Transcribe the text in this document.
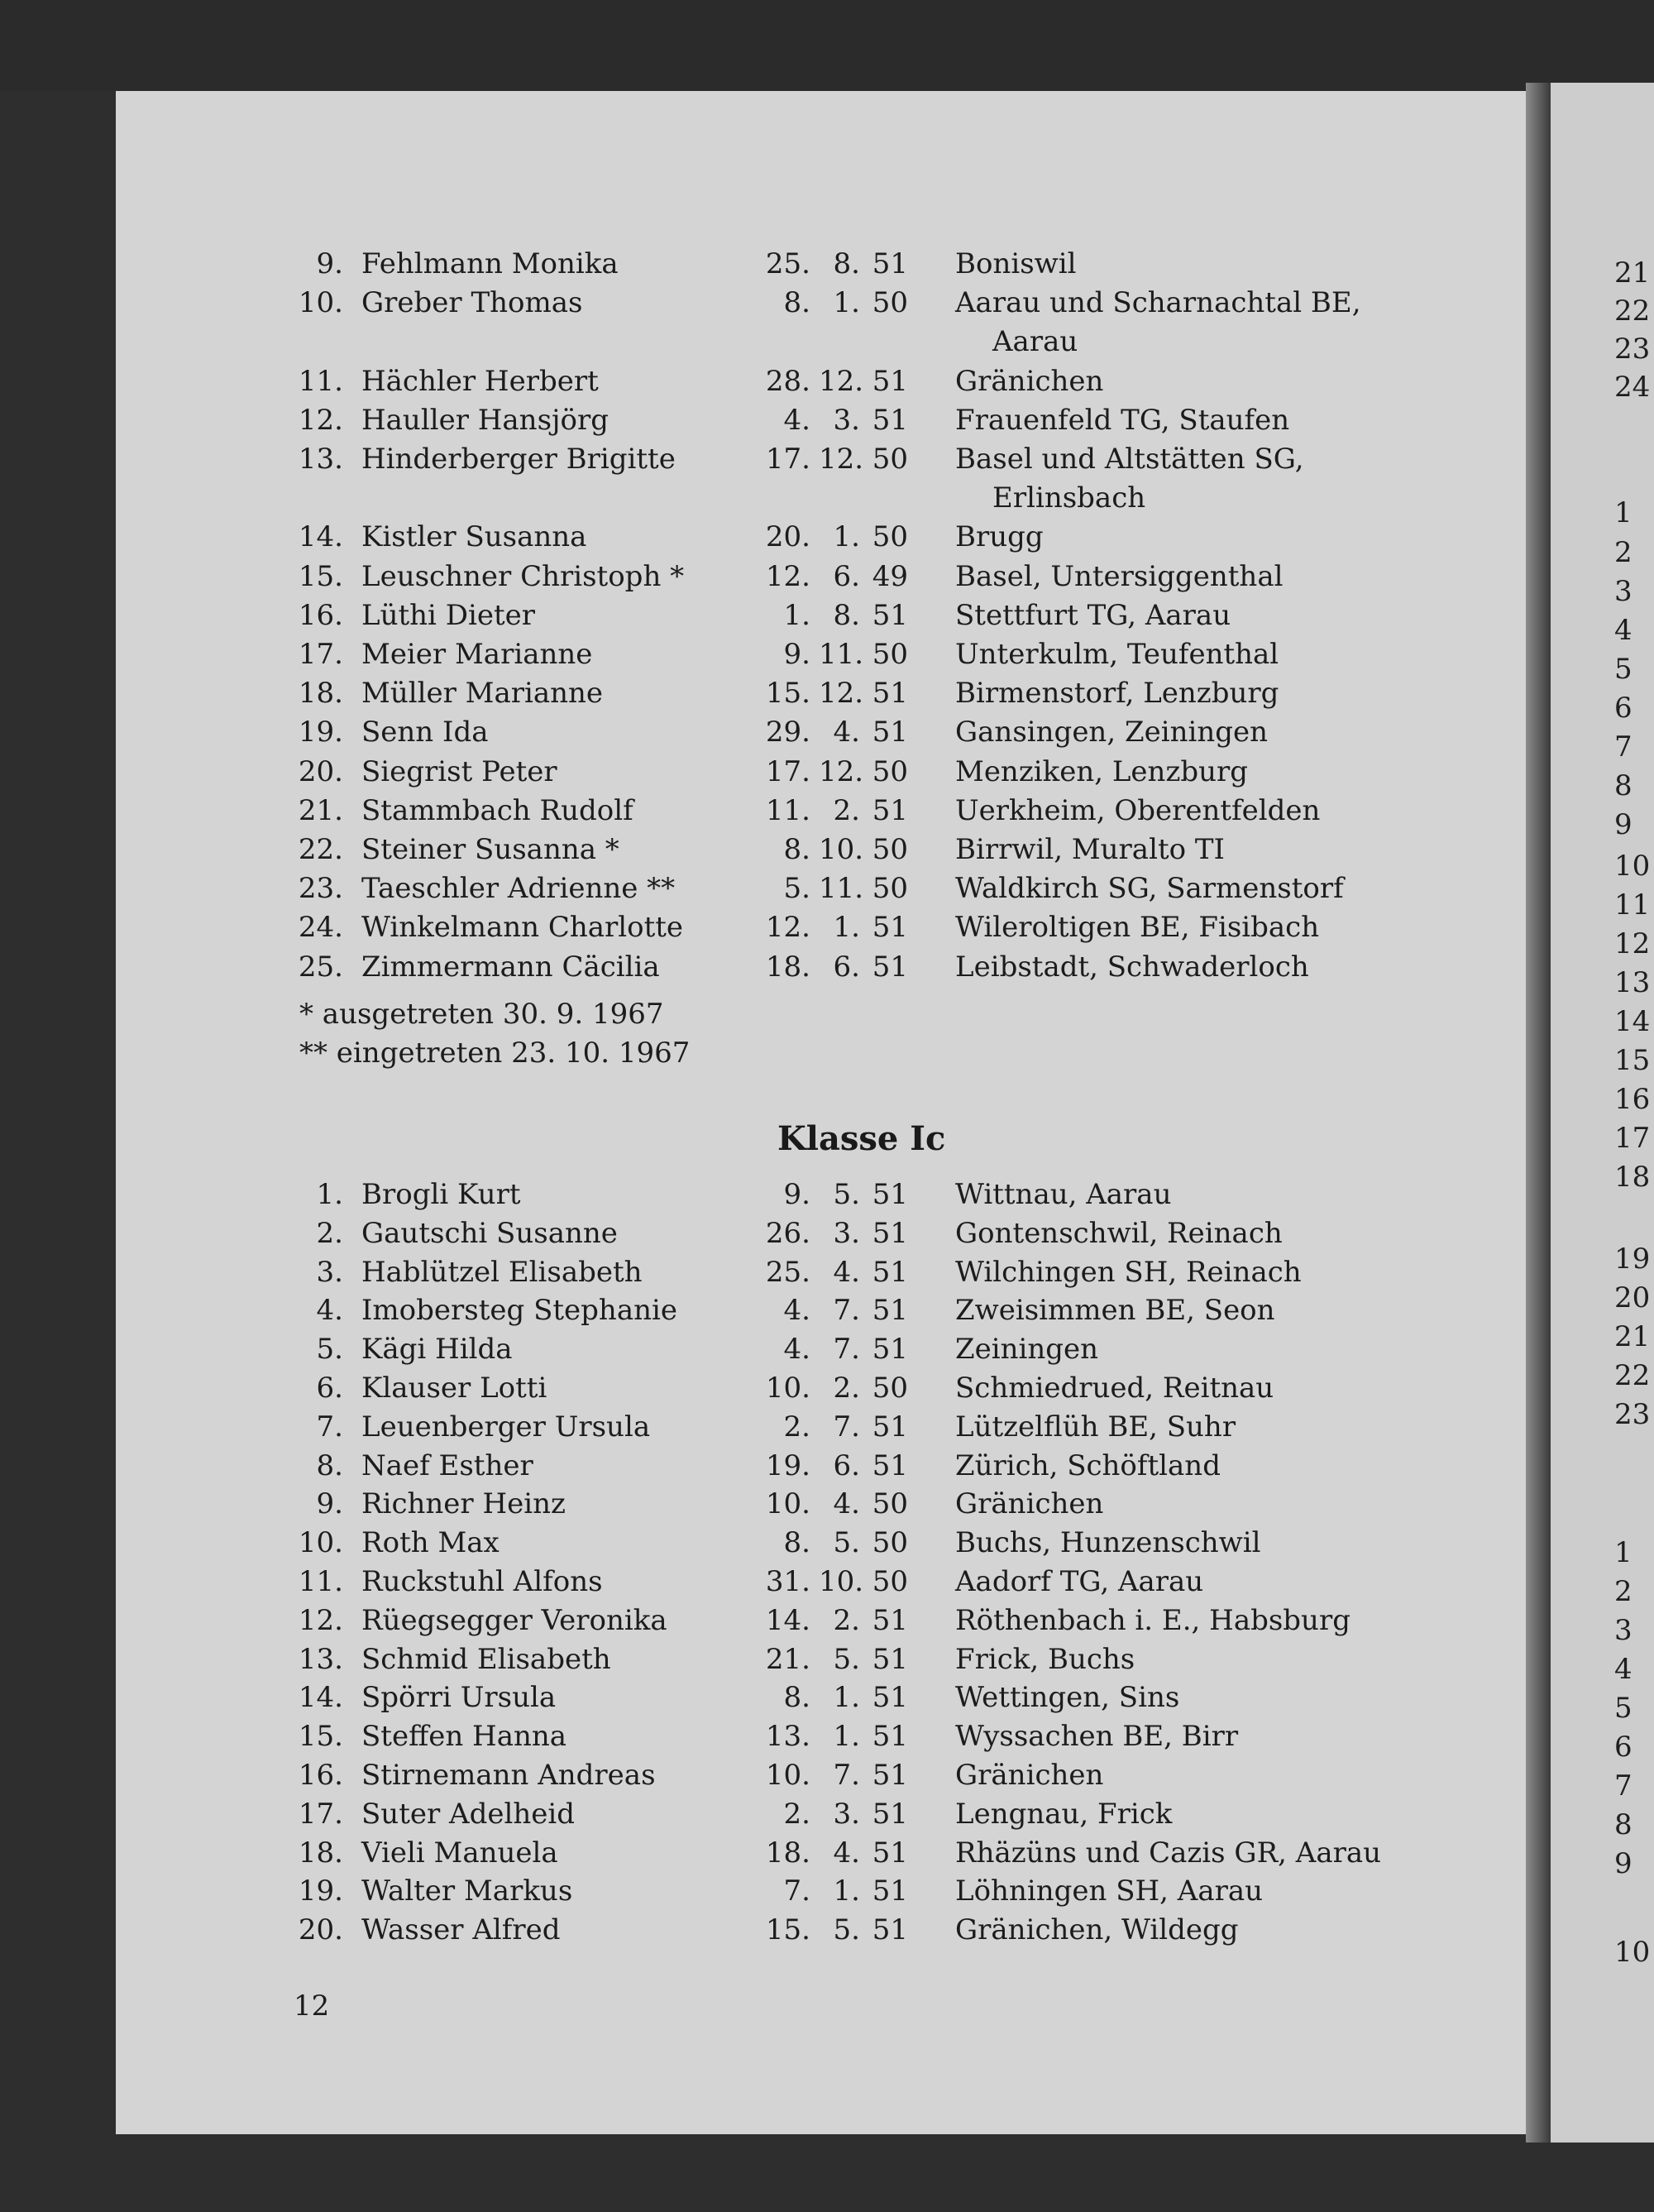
9. Fehlmann Monika	25. 8. 51 Boniswil
10. Greber Thomas	8. 1. 50 Aarau und Scharnachtal BE,
Aarau
11. Hächler Herbert	28. 12. 51 Gränichen
12. Hauller Hansjörg	4. 3. 51 Frauenfeld TG, Staufen
13. Hinderberger Brigitte	17. 12. 50 Basel und Altstätten SG,
Erlinsbach
14. Kistler Susanna	20. 1. 50 Brugg
15. Leuschner Christoph *	12. 6. 49 Basel, Untersiggenthal
16. Lüthi Dieter	1. 8. 51 Stettfurt TG, Aarau
17. Meier Marianne	9. 11. 50 Unterkulm, Teufenthal
18. Müller Marianne	15. 12. 51 Birmenstorf, Lenzburg
19. Senn Ida	29. 4. 51 Gansingen, Zeiningen
20. Siegrist Peter	17. 12. 50 Menziken, Lenzburg
21. Stammbach Rudolf	11. 2. 51 Uerkheim, Oberentfelden
22. Steiner Susanna *	8. 10. 50 Birrwil, Muralto TI
23. Taeschler Adrienne **	5. 11. 50 Waldkirch SG, Sarmenstorf
24. Winkelmann Charlotte	12. 1. 51 Wileroltigen BE, Fisibach
25. Zimmermann Cäcilia	18. 6. 51 Leibstadt, Schwaderloch
* ausgetreten 30. 9. 1967
** eingetreten 23. 10. 1967
Klasse Ic
1. Brogli Kurt	9. 5. 51 Wittnau, Aarau
2. Gautschi Susanne	26. 3. 51 Gontenschwil, Reinach
3. Hablützel Elisabeth	25. 4. 51 Wilchingen SH, Reinach
4. Imobersteg Stephanie	4. 7. 51 Zweisimmen BE, Seon
5. Kägi Hilda	4. 7. 51 Zeiningen
6. Klauser Lotti	10. 2. 50 Schmiedrued, Reitnau
7. Leuenberger Ursula	2. 7. 51 Lützelflüh BE, Suhr
8. Naef Esther	19. 6. 51 Zürich, Schöftland
9. Richner Heinz	10. 4. 50 Gränichen
10. Roth Max	8. 5. 50 Buchs, Hunzenschwil
11. Ruckstuhl Alfons	31. 10. 50 Aadorf TG, Aarau
12. Rüegsegger Veronika	14. 2. 51 Röthenbach i. E., Habsburg
13. Schmid Elisabeth	21. 5. 51 Frick, Buchs
14. Spörri Ursula	8. 1. 51 Wettingen, Sins
15. Steffen Hanna	13. 1. 51 Wyssachen BE, Birr
16. Stirnemann Andreas	10. 7. 51 Gränichen
17. Suter Adelheid	2. 3. 51 Lengnau, Frick
18. Vieli Manuela	18. 4. 51 Rhäzüns und Cazis GR, Aarau
19. Walter Markus	7. 1. 51 Löhningen SH, Aarau
20. Wasser Alfred	15. 5. 51 Gränichen, Wildegg
12
21
22
23
24
1
2
3
4
5
6
7
8
9
10
11
12
13
14
15
16
17
18
19
20
21
22
23
1
2
3
4
5
6
7
8
9
10
